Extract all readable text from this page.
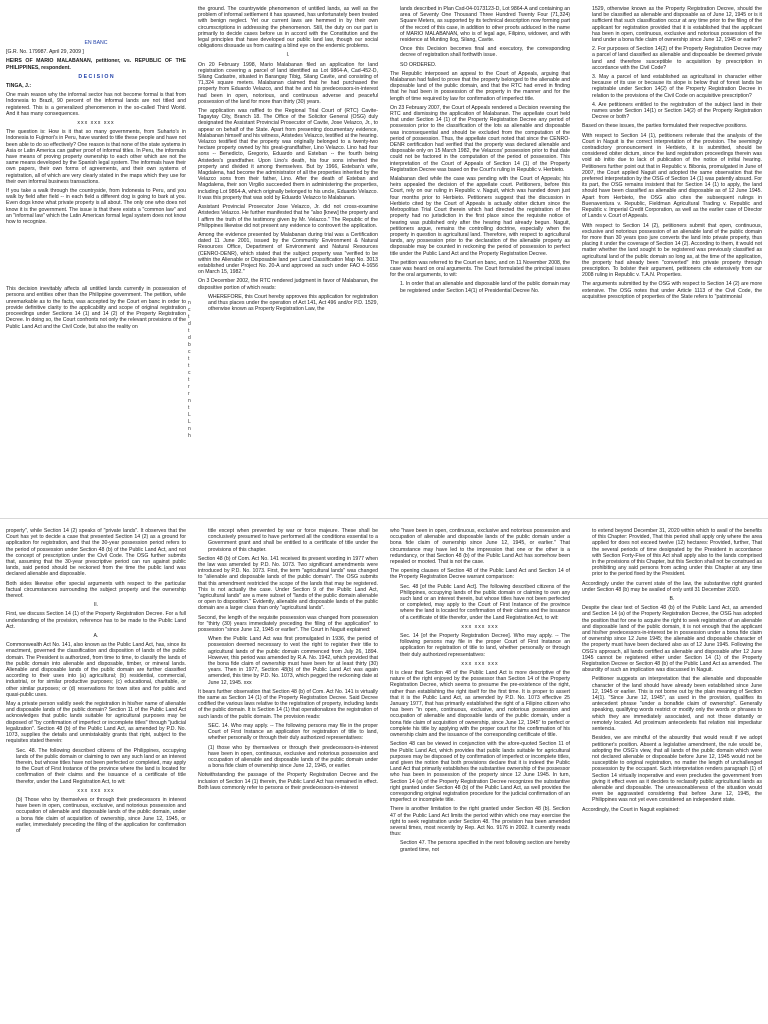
EN BANC

[G.R. No. 179987. April 29, 2009 ]

HEIRS OF MARIO MALABANAN, petitioner, vs. REPUBLIC OF THE PHILIPPINES, respondent.

D E C I S I O N

TINGA, J.:

One main reason why the informal sector has not become formal is that from Indonesia to Brazil, 90 percent of the informal lands are not titled and registered. This is a generalized phenomenon in the so-called Third World. And it has many consequences.

xxx xxx xxx

The question is: How is it that so many governments, from Suharto's in Indonesia to Fujimori's in Peru, have wanted to title these people and have not been able to do so effectively? One reason is that none of the state systems in Asia or Latin America can gather proof of informal titles. In Peru, the informals have means of proving property ownership to each other which are not the same means developed by the Spanish legal system. The informals have their own papers, their own forms of agreements, and their own systems of registration, all of which are very clearly stated in the maps which they use for their own informal business transactions.

If you take a walk through the countryside, from Indonesia to Peru, and you walk by field after field -- in each field a different dog is going to bark at you. Even dogs know what private property is all about. The only one who does not know it is the government. The issue is that there exists a "common law" and an "informal law" which the Latin American formal legal system does not know how to recognize.

This decision inevitably affects all untitled lands currently in possession of persons and entities other than the Philippine government. The petition, while unremarkable as to the facts, was accepted by the Court en banc in order to provide definitive clarity to the applicability and scope of original registration proceedings under Sections 14 (1) and 14 (2) of the Property Registration Decree. In doing so, the Court confronts not only the relevant provisions of the Public Land Act and the Civil Code, but also the reality on

the ground. The countrywide phenomenon of untitled lands, as well as the problem of informal settlement it has spawned, has unfortunately been treated with benign neglect. Yet our current laws are hemmed in by their own circumscriptions in addressing the phenomenon. Still, the duty on our part is primarily to decide cases before us in accord with the Constitution and the legal principles that have developed our public land law, though our social obligations dissuade us from casting a blind eye on the endemic problems.

I.

On 20 February 1998, Mario Malabanan filed an application for land registration covering a parcel of land identified as Lot 9864-A, Cad-452-D, Silang Cadastre, situated in Barangay Tibig, Silang Cavite, and consisting of 71,324 square meters. Malabanan claimed that he had purchased the property from Eduardo Velazco, and that he and his predecessors-in-interest had been in open, notorious, and continuous adverse and peaceful possession of the land for more than thirty (30) years.

The application was raffled to the Regional Trial Court of (RTC) Cavite-Tagaytay City, Branch 18. The Office of the Solicitor General (OSG) duly designated the Assistant Provincial Prosecutor of Cavite, Jose Velazco, Jr., to appear on behalf of the State. Apart from presenting documentary evidence, Malabanan himself and his witness, Aristedes Velazco, testified at the hearing. Velazco testified that the property was originally belonged to a twenty-two hectare property owned by his great-grandfather, Lino Velazco. Lino had four sons -- Benedicto, Gregorio, Eduardo and Esteban -- the fourth being Aristedes's grandfather. Upon Lino's death, his four sons inherited the property and divided it among themselves. But by 1966, Esteban's wife, Magdalena, had become the administrator of all the properties inherited by the Velazco sons from their father, Lino. After the death of Esteban and Magdalena, their son Virgilio succeeded them in administering the properties, including Lot 9864-A, which originally belonged to his uncle, Eduardo Velazco. It was this property that was sold by Eduardo Velazco to Malabanan.

Assistant Provincial Prosecutor Jose Velazco, Jr. did not cross-examine Aristedes Velazco. He further manifested that he "also [knew] the property and I affirm the truth of the testimony given by Mr. Velazco." The Republic of the Philippines likewise did not present any evidence to controvert the application.

Among the evidence presented by Malabanan during trial was a Certification dated 11 June 2001, issued by the Community Environment & Natural Resources Office, Department of Environment and Natural Resources (CENRO-DENR), which stated that the subject property was "verified to be within the Alienable or Disposable land per Land Classification Map No. 3013 established under Project No. 20-A and approved as such under FAO 4-1656 on March 15, 1982."

On 3 December 2002, the RTC rendered judgment in favor of Malabanan, the dispositive portion of which reads:

WHEREFORE, this Court hereby approves this application for registration and thus places under the operation of Act 141, Act 496 and/or P.D. 1529, otherwise known as Property Registration Law, the

n
c
t
d
t
d
b
c
t
t
c
t
r
r
n
t
L
L
n
h

lands described in Plan Csd-04-0173123-D, Lot 9864-A and containing an area of Seventy One Thousand Three Hundred Twenty Four (71,324) Square Meters, as supported by its technical description now forming part of the record of this case, in addition to other proofs adduced in the name of MARIO MALABANAN, who is of legal age, Filipino, widower, and with residence at Munting Ilog, Silang, Cavite.

Once this Decision becomes final and executory, the corresponding decree of registration shall forthwith issue.

SO ORDERED.

The Republic interposed an appeal to the Court of Appeals, arguing that Malabanan had failed to prove that the property belonged to the alienable and disposable land of the public domain, and that the RTC had erred in finding that he had been in possession of the property in the manner and for the length of time required by law for confirmation of imperfect title.

On 23 February 2007, the Court of Appeals rendered a Decision reversing the RTC and dismissing the application of Malabanan. The appellate court held that under Section 14 (1) of the Property Registration Decree any period of possession prior to the classification of the lots as alienable and disposable was inconsequential and should be excluded from the computation of the period of possession. Thus, the appellate court noted that since the CENRO-DENR certification had verified that the property was declared alienable and disposable only on 15 March 1982, the Velazcos' possession prior to that date could not be factored in the computation of the period of possession. This interpretation of the Court of Appeals of Section 14 (1) of the Property Registration Decree was based on the Court's ruling in Republic v. Herbieto.

Malabanan died while the case was pending with the Court of Appeals; his heirs appealed the decision of the appellate court. Petitioners, before this Court, rely on our ruling in Republic v. Naguit, which was handed down just four months prior to Herbieto. Petitioners suggest that the discussion in Herbieto cited by the Court of Appeals is actually obiter dictum since the Metropolitan Trial Court therein which had directed the registration of the property had no jurisdiction in the first place since the requisite notice of hearing was published only after the hearing had already begun. Naguit, petitioners argue, remains the controlling doctrine, especially when the property in question is agricultural land. Therefore, with respect to agricultural lands, any possession prior to the declaration of the alienable property as disposable may be counted in reckoning the period of possession to perfect title under the Public Land Act and the Property Registration Decree.

The petition was referred to the Court en banc, and on 11 November 2008, the case was heard on oral arguments. The Court formulated the principal issues for the oral arguments, to wit:

1. In order that an alienable and disposable land of the public domain may be registered under Section 14(1) of Presidential Decree No.

1529, otherwise known as the Property Registration Decree, should the land be classified as alienable and disposable as of June 12, 1945 or is it sufficient that such classification occur at any time prior to the filing of the applicant for registration provided that it is established that the applicant has been in open, continuous, exclusive and notorious possession of the land under a bona fide claim of ownership since June 12, 1945 or earlier?

2. For purposes of Section 14(2) of the Property Registration Decree may a parcel of land classified as alienable and disposable be deemed private land and therefore susceptible to acquisition by prescription in accordance with the Civil Code?

3. May a parcel of land established as agricultural in character either because of its use or because its slope is below that of forest lands be registrable under Section 14(2) of the Property Registration Decree in relation to the provisions of the Civil Code on acquisitive prescription?

4. Are petitioners entitled to the registration of the subject land in their names under Section 14(1) or Section 14(2) of the Property Registration Decree or both?

Based on these issues, the parties formulated their respective positions.

With respect to Section 14 (1), petitioners reiterate that the analysis of the Court in Naguit is the correct interpretation of the provision. The seemingly contradictory pronouncement in Herbieto, it is submitted, should be considered obiter dictum, since the land registration proceedings therein was void ab initio due to lack of publication of the notice of initial hearing. Petitioners further point out that in Republic v. Bibonia, promulgated in June of 2007, the Court applied Naguit and adopted the same observation that the preferred interpretation by the OSG of Section 14 (1) was patently absurd. For its part, the OSG remains insistent that for Section 14 (1) to apply, the land should have been classified as alienable and disposable as of 12 June 1945. Apart from Herbieto, the OSG also cites the subsequent rulings in Buenaventura v. Republic, Fieldman Agricultural Trading v. Republic and Republic v. Imperial Credit Corporation, as well as the earlier case of Director of Lands v. Court of Appeals.

With respect to Section 14 (2), petitioners submit that open, continuous, exclusive and notorious possession of an alienable land of the public domain for more than 30 years ipso jure converts the land into private property, thus placing it under the coverage of Section 14 (2). According to them, it would not matter whether the land sought to be registered was previously classified as agricultural land of the public domain so long as, at the time of the application, the property had already been "converted" into private property through prescription. To bolster their argument, petitioners cite extensively from our 2008 ruling in Republic v. T.A.N. Properties.

The arguments submitted by the OSG with respect to Section 14 (2) are more extensive. The OSG notes that under Article 1113 of the Civil Code, the acquisitive prescription of properties of the State refers to "patrimonial

property", while Section 14 (2) speaks of "private lands". It observes that the Court has yet to decide a case that presented Section 14 (2) as a ground for application for registration, and that the 30-year possession period refers to the period of possession under Section 48 (b) of the Public Land Act, and not the concept of prescription under the Civil Code. The OSG further submits that, assuming that the 30-year prescriptive period can run against public lands, said period should be reckoned from the time the public land was declared alienable and disposable.

Both sides likewise offer special arguments with respect to the particular factual circumstances surrounding the subject property and the ownership thereof.

II.

First, we discuss Section 14 (1) of the Property Registration Decree. For a full understanding of the provision, reference has to be made to the Public Land Act.

A.

Commonwealth Act No. 141, also known as the Public Land Act, has, since its enactment, governed the classification and disposition of lands of the public domain. The President is authorized, from time to time, to classify the lands of the public domain into alienable and disposable, timber, or mineral lands. Alienable and disposable lands of the public domain are further classified according to their uses into (a) agricultural; (b) residential, commercial, industrial, or for similar productive purposes; (c) educational, charitable, or other similar purposes; or (d) reservations for town sites and for public and quasi-public uses.

May a private person validly seek the registration in his/her name of alienable and disposable lands of the public domain? Section 11 of the Public Land Act acknowledges that public lands suitable for agricultural purposes may be disposed of "by confirmation of imperfect or incomplete titles" through "judicial legalization". Section 48 (b) of the Public Land Act, as amended by P.D. No. 1073, supplies the details and unmistakably grants that right, subject to the requisites stated therein:

Sec. 48. The following described citizens of the Philippines, occupying lands of the public domain or claiming to own any such land or an interest therein, but whose titles have not been perfected or completed, may apply to the Court of First Instance of the province where the land is located for confirmation of their claims and the issuance of a certificate of title therefor, under the Land Registration Act, to wit:

xxx xxx xxx

(b) Those who by themselves or through their predecessors in interest have been in open, continuous, exclusive, and notorious possession and occupation of alienable and disposable lands of the public domain, under a bona fide claim of acquisition of ownership, since June 12, 1945, or earlier, immediately preceding the filing of the application for confirmation of

title except when prevented by war or force majeure. These shall be conclusively presumed to have performed all the conditions essential to a Government grant and shall be entitled to a certificate of title under the provisions of this chapter.

Section 48 (b) of Com. Act No. 141 received its present wording in 1977 when the law was amended by P.D. No. 1073. Two significant amendments were introduced by P.D. No. 1073. First, the term "agricultural lands" was changed to "alienable and disposable lands of the public domain". The OSG submits that this amendment restricted the scope of the lands that may be registered. This is not actually the case. Under Section 9 of the Public Land Act, "agricultural lands" are a mere subset of "lands of the public domain alienable or open to disposition." Evidently, alienable and disposable lands of the public domain are a larger class than only "agricultural lands".

Second, the length of the requisite possession was changed from possession for "thirty (30) years immediately preceding the filing of the application" to possession "since June 12, 1945 or earlier". The Court in Naguit explained:

When the Public Land Act was first promulgated in 1936, the period of possession deemed necessary to vest the right to register their title to agricultural lands of the public domain commenced from July 26, 1894. However, this period was amended by R.A. No. 1942, which provided that the bona fide claim of ownership must have been for at least thirty (30) years. Then in 1977, Section 48(b) of the Public Land Act was again amended, this time by P.D. No. 1073, which pegged the reckoning date at June 12, 1945. xxx

It bears further observation that Section 48 (b) of Com. Act No. 141 is virtually the same as Section 14 (1) of the Property Registration Decree. Said Decree codified the various laws relative to the registration of property, including lands of the public domain. It is Section 14 (1) that operationalizes the registration of such lands of the public domain. The provision reads:

SEC. 14. Who may apply. -- The following persons may file in the proper Court of First Instance an application for registration of title to land, whether personally or through their duly authorized representatives:

(1) those who by themselves or through their predecessors-in-interest have been in open, continuous, exclusive and notorious possession and occupation of alienable and disposable lands of the public domain under a bona fide claim of ownership since June 12, 1945, or earlier.

Notwithstanding the passage of the Property Registration Decree and the inclusion of Section 14 (1) therein, the Public Land Act has remained in effect. Both laws commonly refer to persons or their predecessors-in-interest

who "have been in open, continuous, exclusive and notorious possession and occupation of alienable and disposable lands of the public domain under a bona fide claim of ownership since June 12, 1945, or earlier." That circumstance may have led to the impression that one or the other is a redundancy, or that Section 48 (b) of the Public Land Act has somehow been repealed or mooted. That is not the case.

The opening clauses of Section 48 of the Public Land Act and Section 14 of the Property Registration Decree warrant comparison:

Sec. 48 [of the Public Land Act]. The following described citizens of the Philippines, occupying lands of the public domain or claiming to own any such land or an interest therein, but whose titles have not been perfected or completed, may apply to the Court of First Instance of the province where the land is located for confirmation of their claims and the issuance of a certificate of title therefor, under the Land Registration Act, to wit:

xxx xxx xxx

Sec. 14 [of the Property Registration Decree]. Who may apply. -- The following persons may file in the proper Court of First Instance an application for registration of title to land, whether personally or through their duly authorized representatives:

xxx xxx xxx

It is clear that Section 48 of the Public Land Act is more descriptive of the nature of the right enjoyed by the possessor than Section 14 of the Property Registration Decree, which seems to presume the pre-existence of the right, rather than establishing the right itself for the first time. It is proper to assert that it is the Public Land Act, as amended by P.D. No. 1073 effective 25 January 1977, that has primarily established the right of a Filipino citizen who has been "in open, continuous, exclusive, and notorious possession and occupation of alienable and disposable lands of the public domain, under a bona fide claim of acquisition of ownership, since June 12, 1945" to perfect or complete his title by applying with the proper court for the confirmation of his ownership claim and the issuance of the corresponding certificate of title.

Section 48 can be viewed in conjunction with the afore-quoted Section 11 of the Public Land Act, which provides that public lands suitable for agricultural purposes may be disposed of by confirmation of imperfect or incomplete titles, and given the notion that both provisions declare that it is indeed the Public Land Act that primarily establishes the substantive ownership of the possessor who has been in possession of the property since 12 June 1945. In turn, Section 14 (a) of the Property Registration Decree recognizes the substantive right granted under Section 48 (b) of the Public Land Act, as well provides the corresponding original registration procedure for the judicial confirmation of an imperfect or incomplete title.

There is another limitation to the right granted under Section 48 (b). Section 47 of the Public Land Act limits the period within which one may exercise the right to seek registration under Section 48. The provision has been amended several times, most recently by Rep. Act No. 9176 in 2002. It currently reads thus:

Section 47. The persons specified in the next following section are hereby granted time, not

to extend beyond December 31, 2020 within which to avail of the benefits of this Chapter: Provided, That this period shall apply only where the area applied for does not exceed twelve (12) hectares: Provided, further, That the several periods of time designated by the President in accordance with Section Forty-Five of this Act shall apply also to the lands comprised in the provisions of this Chapter, but this Section shall not be construed as prohibiting any said persons from acting under this Chapter at any time prior to the period fixed by the President.

Accordingly under the current state of the law, the substantive right granted under Section 48 (b) may be availed of only until 31 December 2020.

B.

Despite the clear text of Section 48 (b) of the Public Land Act, as amended and Section 14 (a) of the Property Registration Decree, the OSG has adopted the position that for one to acquire the right to seek registration of an alienable and disposable land of the public domain, it is not enough that the applicant and his/her predecessors-in-interest be in possession under a bona fide claim of ownership since 12 June 1945; the alienable and disposable character of the property must have been declared also as of 12 June 1945. Following the OSG's approach, all lands certified as alienable and disposable after 12 June 1945 cannot be registered either under Section 14 (1) of the Property Registration Decree or Section 48 (b) of the Public Land Act as amended. The absurdity of such an implication was discussed in Naguit.

Petitioner suggests an interpretation that the alienable and disposable character of the land should have already been established since June 12, 1945 or earlier. This is not borne out by the plain meaning of Section 14(1). "Since June 12, 1945", as used in the provision, qualifies its antecedent phrase "under a bonafide claim of ownership". Generally speaking, qualifying words restrict or modify only the words or phrases to which they are immediately associated, and not those distantly or remotely located. Ad proximum antecedents fiat relation nisi impediatur sentencia.

Besides, we are mindful of the absurdity that would result if we adopt petitioner's position. Absent a legislative amendment, the rule would be, adopting the OSG's view, that all lands of the public domain which were not declared alienable or disposable before June 12, 1945 would not be susceptible to original registration, no matter the length of unchallenged possession by the occupant. Such interpretation renders paragraph (1) of Section 14 virtually inoperative and even precludes the government from giving it effect even as it decides to reclassify public agricultural lands as alienable and disposable. The unreasonableness of the situation would even be aggravated considering that before June 12, 1945, the Philippines was not yet even considered an independent state.

Accordingly, the Court in Naguit explained:
